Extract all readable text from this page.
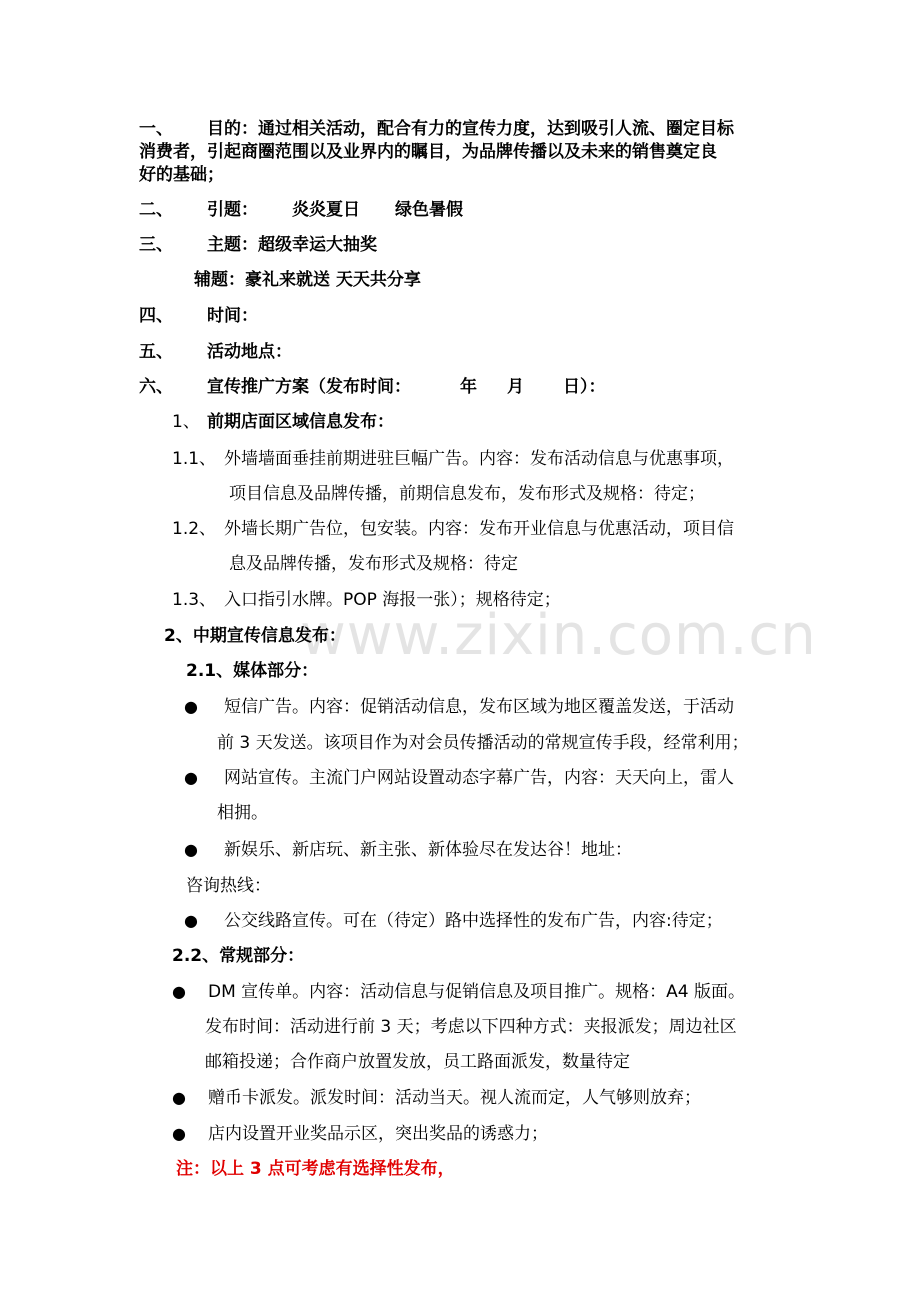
www.zixin.com.cn
一、 目的：通过相关活动，配合有力的宣传力度，达到吸引人流、圈定目标
消费者，引起商圈范围以及业界内的瞩目，为品牌传播以及未来的销售奠定良
好的基础；
二、 引题： 炎炎夏日 绿色暑假
三、 主题：超级幸运大抽奖
辅题：豪礼来就送 天天共分享
四、 时间：
五、 活动地点：
六、 宣传推广方案（发布时间：	年 月 日）：
1、 前期店面区域信息发布：
1.1、 外墙墙面垂挂前期进驻巨幅广告。内容：发布活动信息与优惠事项，
项目信息及品牌传播，前期信息发布，发布形式及规格：待定；
1.2、 外墙长期广告位，包安装。内容：发布开业信息与优惠活动，项目信
息及品牌传播，发布形式及规格：待定
1.3、 入口指引水牌。POP 海报一张）；规格待定；
2、中期宣传信息发布：
2.1、媒体部分：
● 短信广告。内容：促销活动信息，发布区域为地区覆盖发送，于活动
前 3 天发送。该项目作为对会员传播活动的常规宣传手段，经常利用；
● 网站宣传。主流门户网站设置动态字幕广告，内容：天天向上，雷人
相拥。
● 新娱乐、新店玩、新主张、新体验尽在发达谷！地址：
咨询热线：
● 公交线路宣传。可在（待定）路中选择性的发布广告，内容:待定；
2.2、常规部分：
● DM 宣传单。内容：活动信息与促销信息及项目推广。规格：A4 版面。
发布时间：活动进行前 3 天；考虑以下四种方式：夹报派发；周边社区
邮箱投递；合作商户放置发放，员工路面派发，数量待定
● 赠币卡派发。派发时间：活动当天。视人流而定，人气够则放弃；
● 店内设置开业奖品示区，突出奖品的诱惑力；
注：以上 3 点可考虑有选择性发布，
